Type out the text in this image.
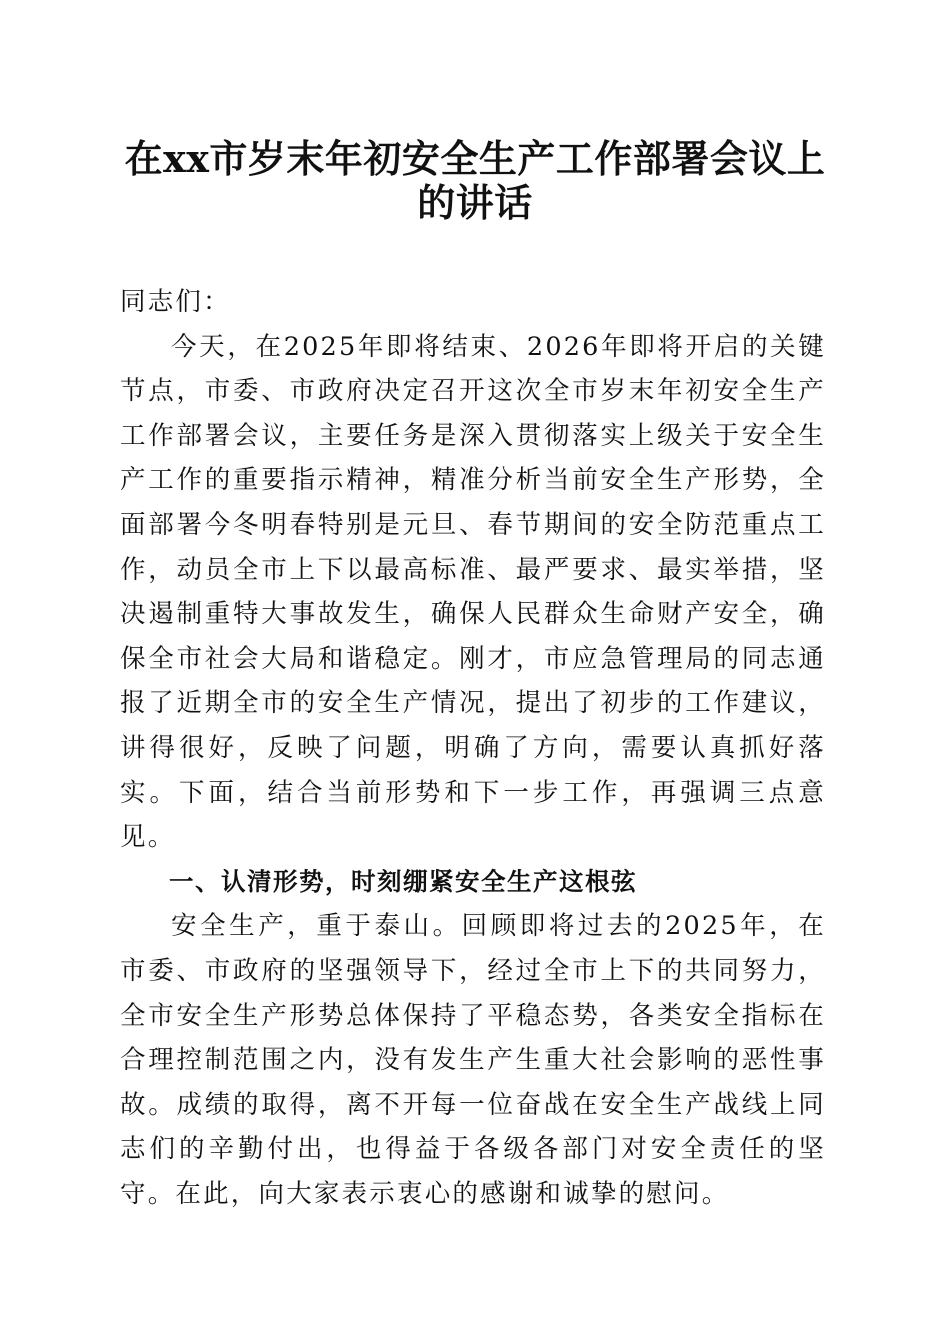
在xx市岁末年初安全生产工作部署会议上的讲话

同志们：

今天，在2025年即将结束、2026年即将开启的关键节点，市委、市政府决定召开这次全市岁末年初安全生产工作部署会议，主要任务是深入贯彻落实上级关于安全生产工作的重要指示精神，精准分析当前安全生产形势，全面部署今冬明春特别是元旦、春节期间的安全防范重点工作，动员全市上下以最高标准、最严要求、最实举措，坚决遏制重特大事故发生，确保人民群众生命财产安全，确保全市社会大局和谐稳定。刚才，市应急管理局的同志通报了近期全市的安全生产情况，提出了初步的工作建议，讲得很好，反映了问题，明确了方向，需要认真抓好落实。下面，结合当前形势和下一步工作，再强调三点意见。

一、认清形势，时刻绷紧安全生产这根弦

安全生产，重于泰山。回顾即将过去的2025年，在市委、市政府的坚强领导下，经过全市上下的共同努力，全市安全生产形势总体保持了平稳态势，各类安全指标在合理控制范围之内，没有发生产生重大社会影响的恶性事故。成绩的取得，离不开每一位奋战在安全生产战线上同志们的辛勤付出，也得益于各级各部门对安全责任的坚守。在此，向大家表示衷心的感谢和诚挚的慰问。
